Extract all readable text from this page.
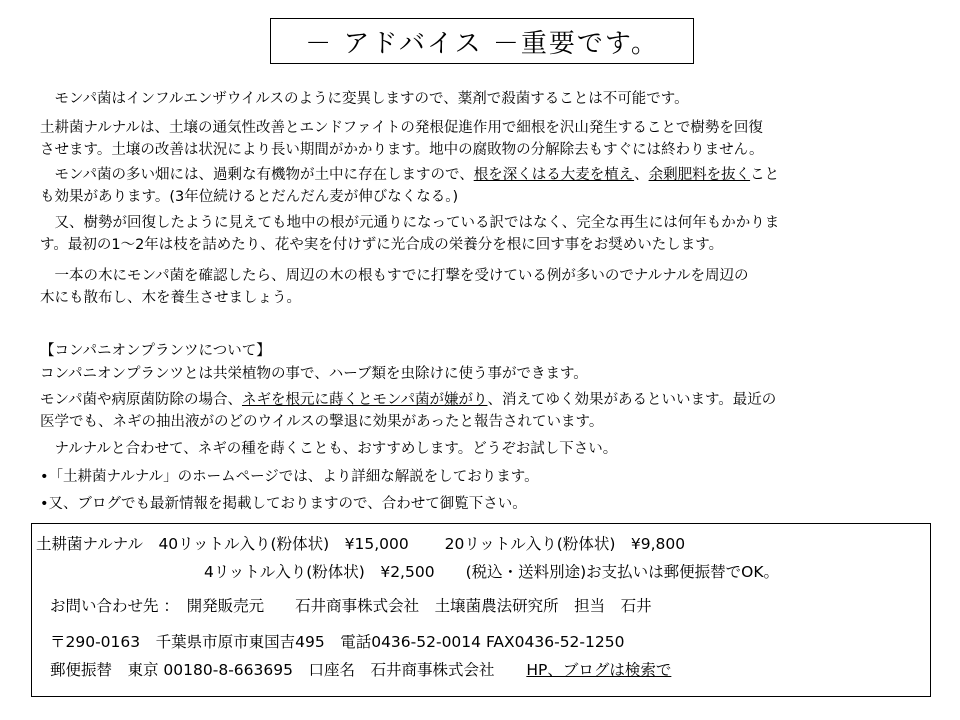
－ アドバイス －重要です。

　モンパ菌はインフルエンザウイルスのように変異しますので、薬剤で殺菌することは不可能です。

土耕菌ナルナルは、土壌の通気性改善とエンドファイトの発根促進作用で細根を沢山発生することで樹勢を回復
させます。土壌の改善は状況により長い期間がかかります。地中の腐敗物の分解除去もすぐには終わりません。

　モンパ菌の多い畑には、過剰な有機物が土中に存在しますので、根を深くはる大麦を植え、余剰肥料を抜くこと
も効果があります。(3年位続けるとだんだん麦が伸びなくなる。)

　又、樹勢が回復したように見えても地中の根が元通りになっている訳ではなく、完全な再生には何年もかかりま
す。最初の1～2年は枝を詰めたり、花や実を付けずに光合成の栄養分を根に回す事をお奨めいたします。

　一本の木にモンパ菌を確認したら、周辺の木の根もすでに打撃を受けている例が多いのでナルナルを周辺の
木にも散布し、木を養生させましょう。

【コンパニオンプランツについて】

コンパニオンプランツとは共栄植物の事で、ハーブ類を虫除けに使う事ができます。

モンパ菌や病原菌防除の場合、ネギを根元に蒔くとモンパ菌が嫌がり、消えてゆく効果があるといいます。最近の
医学でも、ネギの抽出液がのどのウイルスの撃退に効果があったと報告されています。

　ナルナルと合わせて、ネギの種を蒔くことも、おすすめします。どうぞお試し下さい。

•「土耕菌ナルナル」のホームページでは、より詳細な解説をしております。

•又、ブログでも最新情報を掲載しておりますので、合わせて御覧下さい。

土耕菌ナルナル　40リットル入り(粉体状)　¥15,000　　 20リットル入り(粉体状)　¥9,800
4リットル入り(粉体状)　¥2,500　　(税込・送料別途)お支払いは郵便振替でOK。
お問い合わせ先 ：　開発販売元　　石井商事株式会社　土壌菌農法研究所　担当　石井
〒290-0163　千葉県市原市東国吉495　電話0436-52-0014 FAX0436-52-1250
郵便振替　東京 00180-8-663695　口座名　石井商事株式会社 HP、ブログは検索で
